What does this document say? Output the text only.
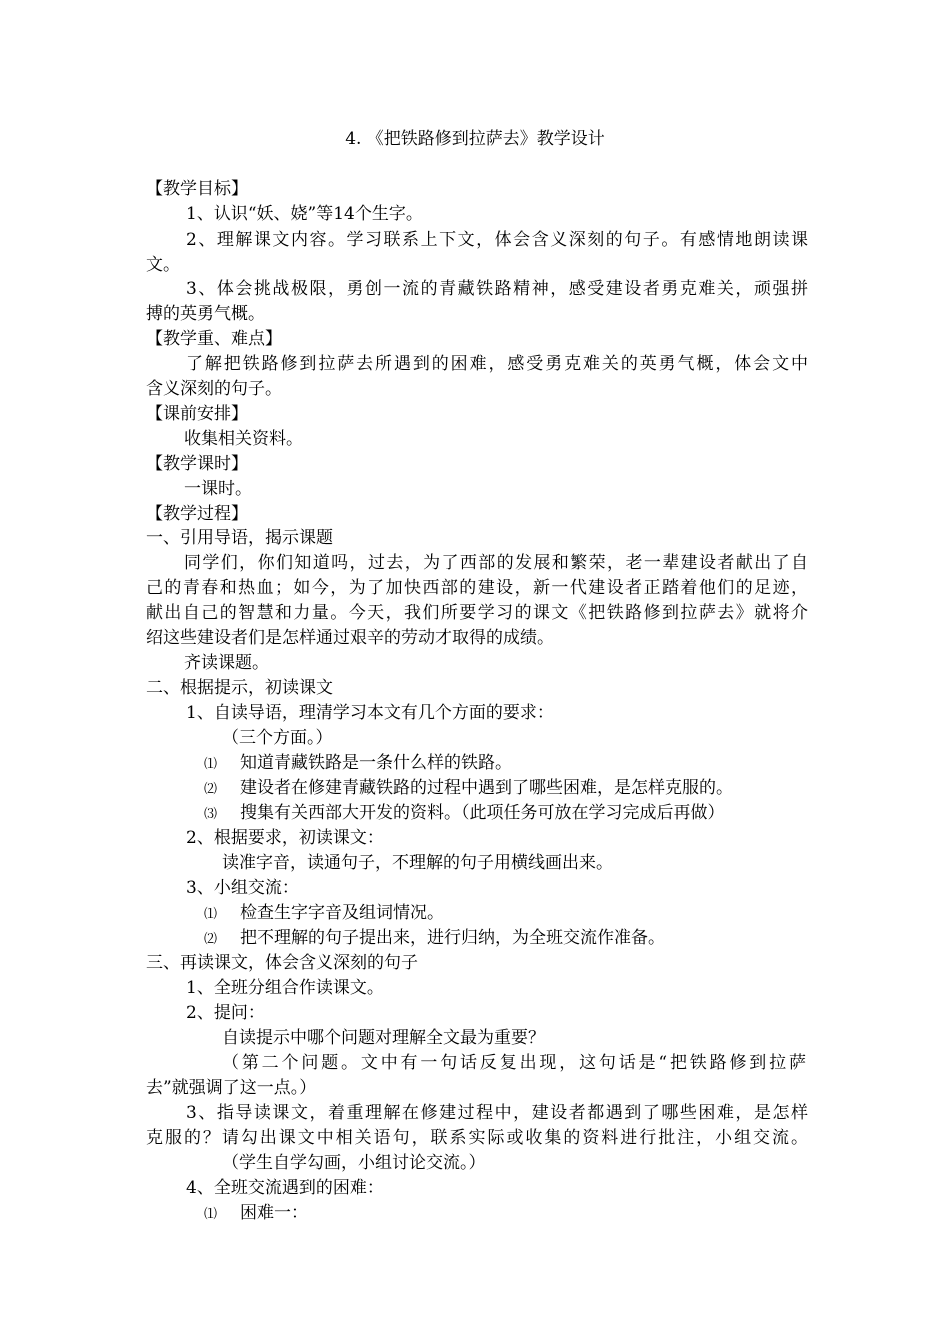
4. 《把铁路修到拉萨去》教学设计
【教学目标】
1、认识“妖、娆”等14个生字。
2、理解课文内容。学习联系上下文，体会含义深刻的句子。有感情地朗读课
文。
3、体会挑战极限，勇创一流的青藏铁路精神，感受建设者勇克难关，顽强拼
搏的英勇气概。
【教学重、难点】
了解把铁路修到拉萨去所遇到的困难，感受勇克难关的英勇气概，体会文中
含义深刻的句子。
【课前安排】
收集相关资料。
【教学课时】
一课时。
【教学过程】
一、引用导语，揭示课题
同学们，你们知道吗，过去，为了西部的发展和繁荣，老一辈建设者献出了自
己的青春和热血；如今，为了加快西部的建设，新一代建设者正踏着他们的足迹，
献出自己的智慧和力量。今天，我们所要学习的课文《把铁路修到拉萨去》就将介
绍这些建设者们是怎样通过艰辛的劳动才取得的成绩。
齐读课题。
二、根据提示，初读课文
1、自读导语，理清学习本文有几个方面的要求：
（三个方面。）
⑴ 知道青藏铁路是一条什么样的铁路。
⑵ 建设者在修建青藏铁路的过程中遇到了哪些困难，是怎样克服的。
⑶ 搜集有关西部大开发的资料。（此项任务可放在学习完成后再做）
2、根据要求，初读课文：
读准字音，读通句子，不理解的句子用横线画出来。
3、小组交流：
⑴ 检查生字字音及组词情况。
⑵ 把不理解的句子提出来，进行归纳，为全班交流作准备。
三、再读课文，体会含义深刻的句子
1、全班分组合作读课文。
2、提问：
自读提示中哪个问题对理解全文最为重要？
（第二个问题。文中有一句话反复出现，这句话是“把铁路修到拉萨
去”就强调了这一点。）
3、指导读课文，着重理解在修建过程中，建设者都遇到了哪些困难，是怎样
克服的？请勾出课文中相关语句，联系实际或收集的资料进行批注，小组交流。
（学生自学勾画，小组讨论交流。）
4、全班交流遇到的困难：
⑴ 困难一：
